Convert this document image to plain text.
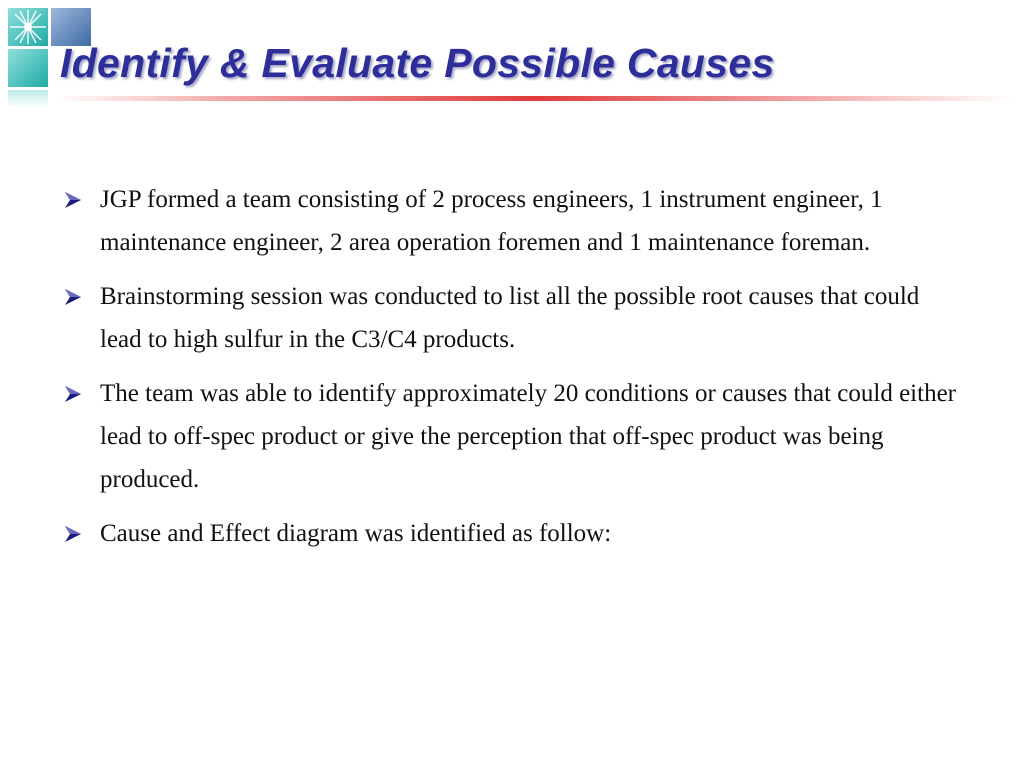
Identify & Evaluate Possible Causes
JGP formed a team consisting of 2 process engineers, 1 instrument engineer, 1 maintenance engineer, 2 area operation foremen and 1 maintenance foreman.
Brainstorming session was conducted to list all the possible root causes that could lead to high sulfur in the C3/C4 products.
The team was able to identify approximately 20 conditions or causes that could either lead to off-spec product or give the perception that off-spec product was being produced.
Cause and Effect diagram was identified as follow:
